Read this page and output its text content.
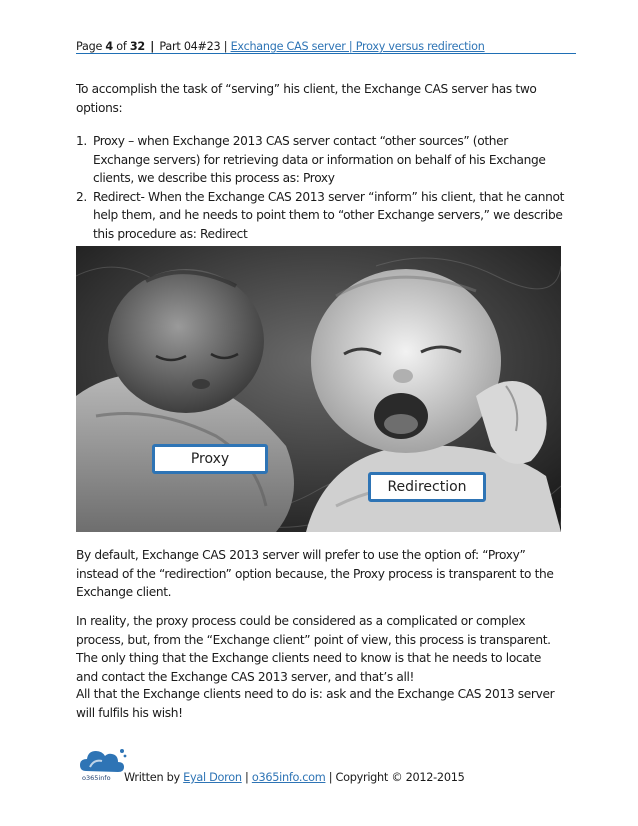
Page 4 of 32 | Part 04#23 | Exchange CAS server | Proxy versus redirection

To accomplish the task of “serving” his client, the Exchange CAS server has two options:

1. Proxy – when Exchange 2013 CAS server contact “other sources” (other Exchange servers) for retrieving data or information on behalf of his Exchange clients, we describe this process as: Proxy
2. Redirect- When the Exchange CAS 2013 server “inform” his client, that he cannot help them, and he needs to point them to “other Exchange servers,” we describe this procedure as: Redirect
Proxy
Redirection

By default, Exchange CAS 2013 server will prefer to use the option of: “Proxy” instead of the “redirection” option because, the Proxy process is transparent to the Exchange client.

In reality, the proxy process could be considered as a complicated or complex process, but, from the “Exchange client” point of view, this process is transparent. The only thing that the Exchange clients need to know is that he needs to locate and contact the Exchange CAS 2013 server, and that’s all!

All that the Exchange clients need to do is: ask and the Exchange CAS 2013 server will fulfils his wish!

o365info Written by Eyal Doron | o365info.com | Copyright © 2012-2015
